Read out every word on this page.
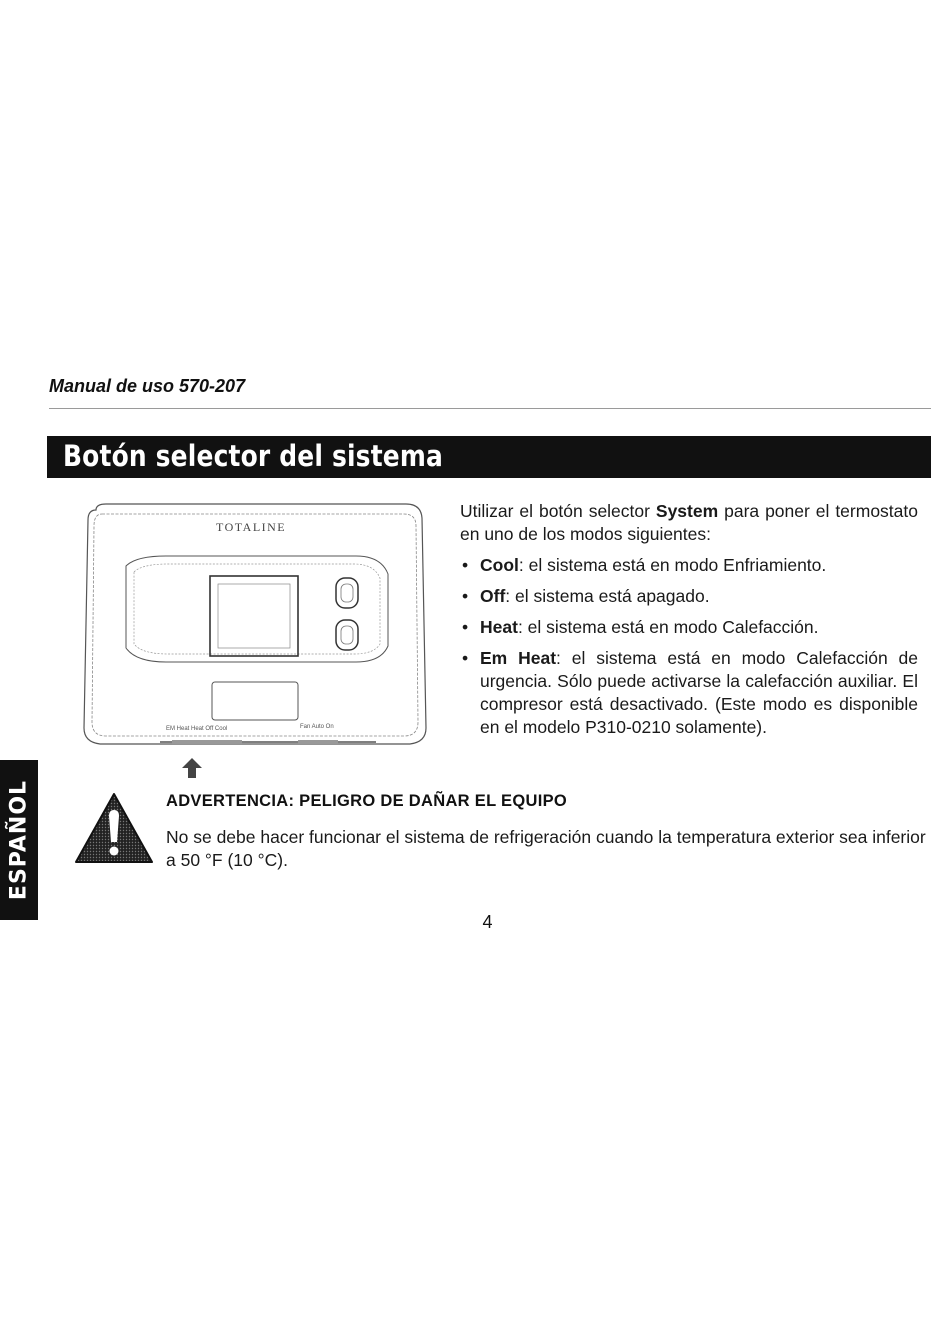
Manual de uso 570-207
Botón selector del sistema
TOTALINE
EM Heat Heat Off Cool	Fan Auto On

Utilizar el botón selector System para poner el termostato en uno de los modos siguientes:

• Cool: el sistema está en modo Enfriamiento.
• Off: el sistema está apagado.
• Heat: el sistema está en modo Calefacción.
• Em Heat: el sistema está en modo Calefacción de urgencia. Sólo puede activarse la calefacción auxiliar. El compresor está desactivado. (Este modo es disponible en el modelo P310-0210 solamente).
ADVERTENCIA: PELIGRO DE DAÑAR EL EQUIPO
No se debe hacer funcionar el sistema de refrigeración cuando la temperatura exterior sea inferior a 50 °F (10 °C).
4
ESPAÑOL
